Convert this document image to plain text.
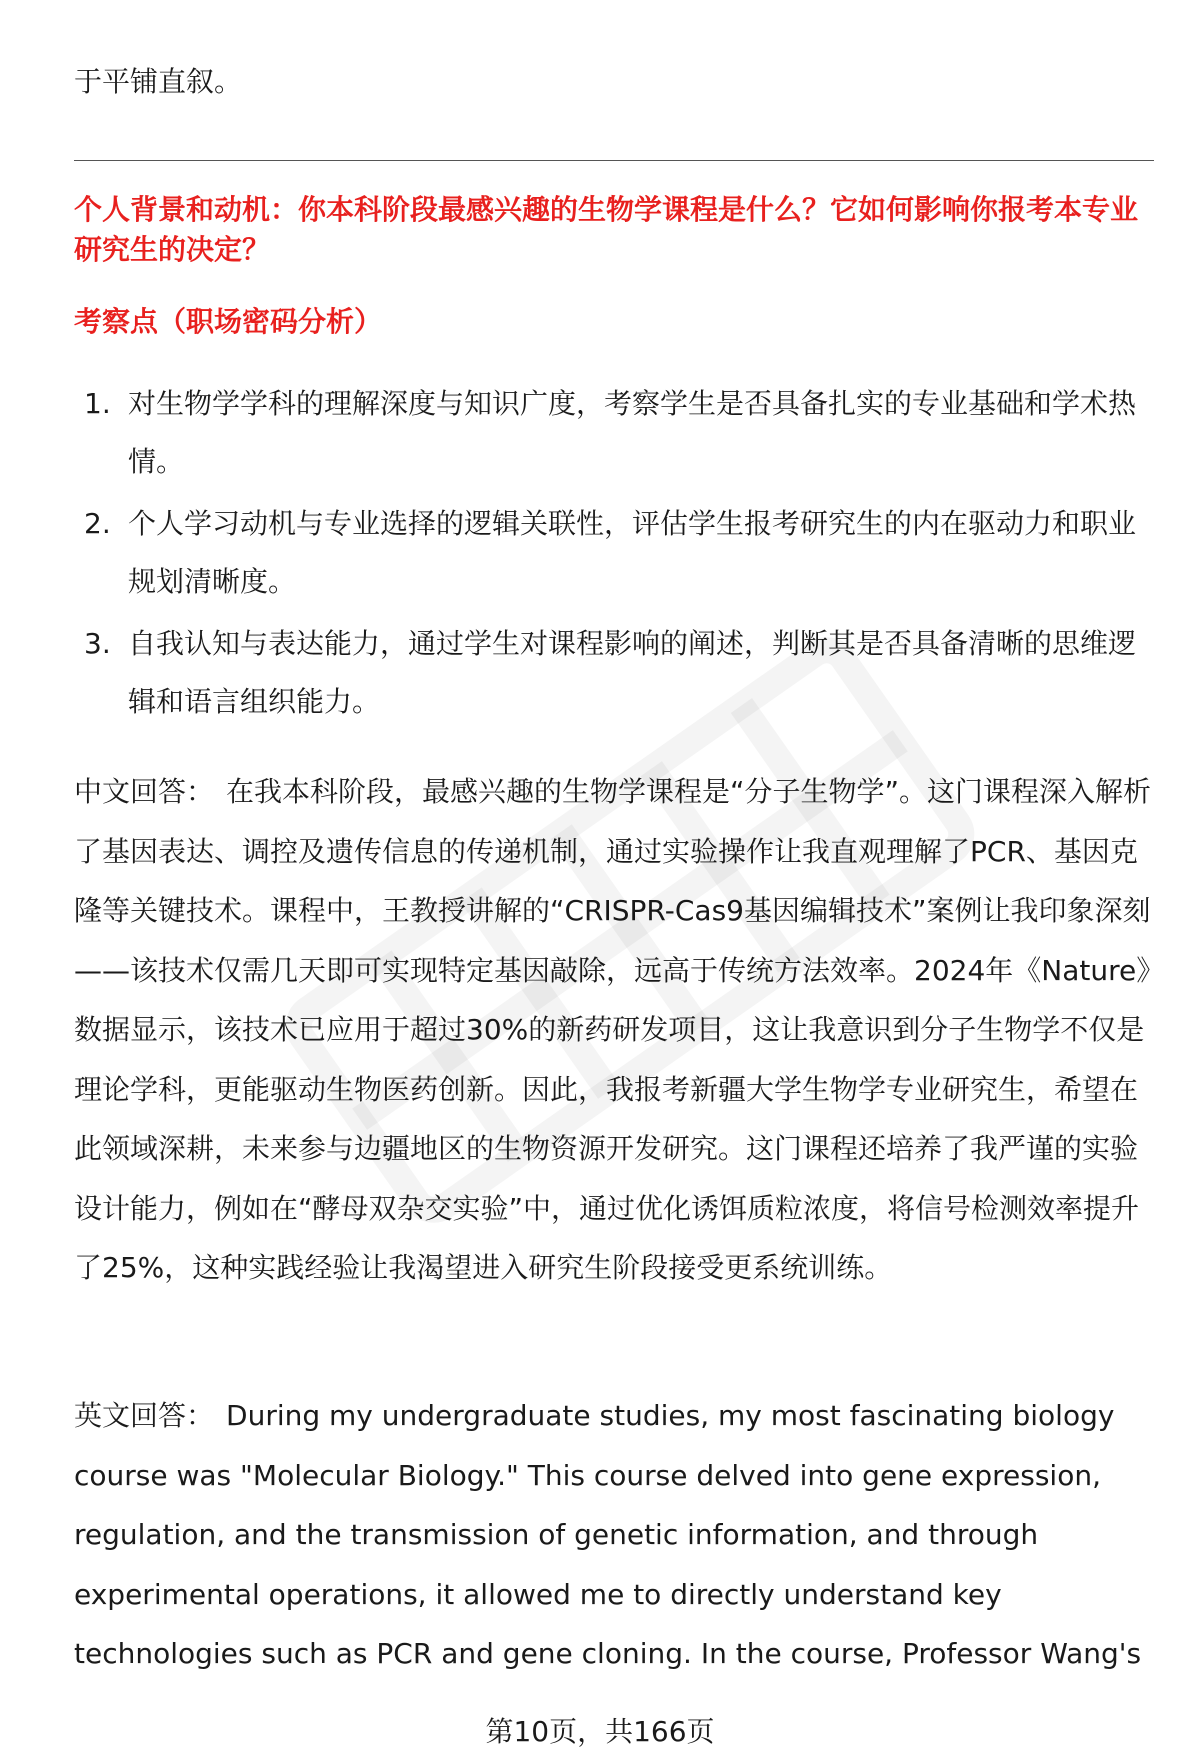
于平铺直叙。
个人背景和动机：你本科阶段最感兴趣的生物学课程是什么？它如何影响你报考本专业研究生的决定？
考察点（职场密码分析）
1. 对生物学学科的理解深度与知识广度，考察学生是否具备扎实的专业基础和学术热情。
2. 个人学习动机与专业选择的逻辑关联性，评估学生报考研究生的内在驱动力和职业规划清晰度。
3. 自我认知与表达能力，通过学生对课程影响的阐述，判断其是否具备清晰的思维逻辑和语言组织能力。

中文回答： 在我本科阶段，最感兴趣的生物学课程是“分子生物学”。这门课程深入解析了基因表达、调控及遗传信息的传递机制，通过实验操作让我直观理解了PCR、基因克隆等关键技术。课程中，王教授讲解的“CRISPR-Cas9基因编辑技术”案例让我印象深刻——该技术仅需几天即可实现特定基因敲除，远高于传统方法效率。2024年《Nature》数据显示，该技术已应用于超过30%的新药研发项目，这让我意识到分子生物学不仅是理论学科，更能驱动生物医药创新。因此，我报考新疆大学生物学专业研究生，希望在此领域深耕，未来参与边疆地区的生物资源开发研究。这门课程还培养了我严谨的实验设计能力，例如在“酵母双杂交实验”中，通过优化诱饵质粒浓度，将信号检测效率提升了25%，这种实践经验让我渴望进入研究生阶段接受更系统训练。

英文回答： During my undergraduate studies, my most fascinating biology course was "Molecular Biology." This course delved into gene expression, regulation, and the transmission of genetic information, and through experimental operations, it allowed me to directly understand key technologies such as PCR and gene cloning. In the course, Professor Wang's

第10页，共166页
